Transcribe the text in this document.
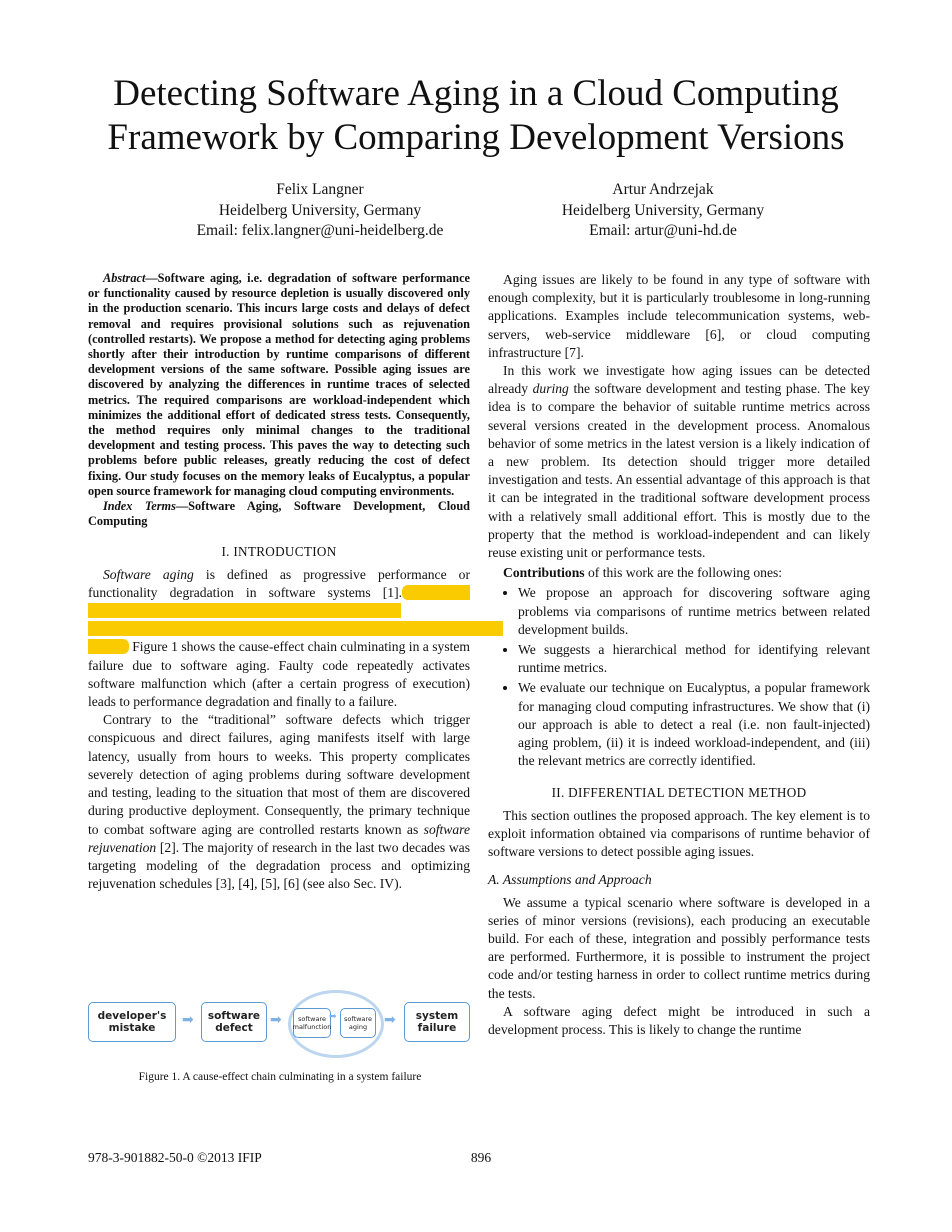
Detecting Software Aging in a Cloud Computing
Framework by Comparing Development Versions
Felix Langner
Heidelberg University, Germany
Email: felix.langner@uni-heidelberg.de
Artur Andrzejak
Heidelberg University, Germany
Email: artur@uni-hd.de

Abstract—Software aging, i.e. degradation of software performance or functionality caused by resource depletion is usually discovered only in the production scenario. This incurs large costs and delays of defect removal and requires provisional solutions such as rejuvenation (controlled restarts). We propose a method for detecting aging problems shortly after their introduction by runtime comparisons of different development versions of the same software. Possible aging issues are discovered by analyzing the differences in runtime traces of selected metrics. The required comparisons are workload-independent which minimizes the additional effort of dedicated stress tests. Consequently, the method requires only minimal changes to the traditional development and testing process. This paves the way to detecting such problems before public releases, greatly reducing the cost of defect fixing. Our study focuses on the memory leaks of Eucalyptus, a popular open source framework for managing cloud computing environments.

Index Terms—Software Aging, Software Development, Cloud Computing

I. INTRODUCTION

Software aging is defined as progressive performance or functionality degradation in software systems [1]. Figure 1 shows the cause-effect chain culminating in a system failure due to software aging. Faulty code repeatedly activates software malfunction which (after a certain progress of execution) leads to performance degradation and finally to a failure.

Contrary to the “traditional” software defects which trigger conspicuous and direct failures, aging manifests itself with large latency, usually from hours to weeks. This property complicates severely detection of aging problems during software development and testing, leading to the situation that most of them are discovered during productive deployment. Consequently, the primary technique to combat software aging are controlled restarts known as software rejuvenation [2]. The majority of research in the last two decades was targeting modeling of the degradation process and optimizing rejuvenation schedules [3], [4], [5], [6] (see also Sec. IV).

developer's mistake	➡	software defect	➡	software malfunction
➡	software aging	➡	system failure
Figure 1. A cause-effect chain culminating in a system failure

Aging issues are likely to be found in any type of software with enough complexity, but it is particularly troublesome in long-running applications. Examples include telecommunication systems, web-servers, web-service middleware [6], or cloud computing infrastructure [7].

In this work we investigate how aging issues can be detected already during the software development and testing phase. The key idea is to compare the behavior of suitable runtime metrics across several versions created in the development process. Anomalous behavior of some metrics in the latest version is a likely indication of a new problem. Its detection should trigger more detailed investigation and tests. An essential advantage of this approach is that it can be integrated in the traditional software development process with a relatively small additional effort. This is mostly due to the property that the method is workload-independent and can likely reuse existing unit or performance tests.

Contributions of this work are the following ones:

• We propose an approach for discovering software aging problems via comparisons of runtime metrics between related development builds.
• We suggests a hierarchical method for identifying relevant runtime metrics.
• We evaluate our technique on Eucalyptus, a popular framework for managing cloud computing infrastructures. We show that (i) our approach is able to detect a real (i.e. non fault-injected) aging problem, (ii) it is indeed workload-independent, and (iii) the relevant metrics are correctly identified.
II. DIFFERENTIAL DETECTION METHOD

This section outlines the proposed approach. The key element is to exploit information obtained via comparisons of runtime behavior of software versions to detect possible aging issues.

A. Assumptions and Approach

We assume a typical scenario where software is developed in a series of minor versions (revisions), each producing an executable build. For each of these, integration and possibly performance tests are performed. Furthermore, it is possible to instrument the project code and/or testing harness in order to collect runtime metrics during the tests.

A software aging defect might be introduced in such a development process. This is likely to change the runtime

978-3-901882-50-0 ©2013 IFIP	896
